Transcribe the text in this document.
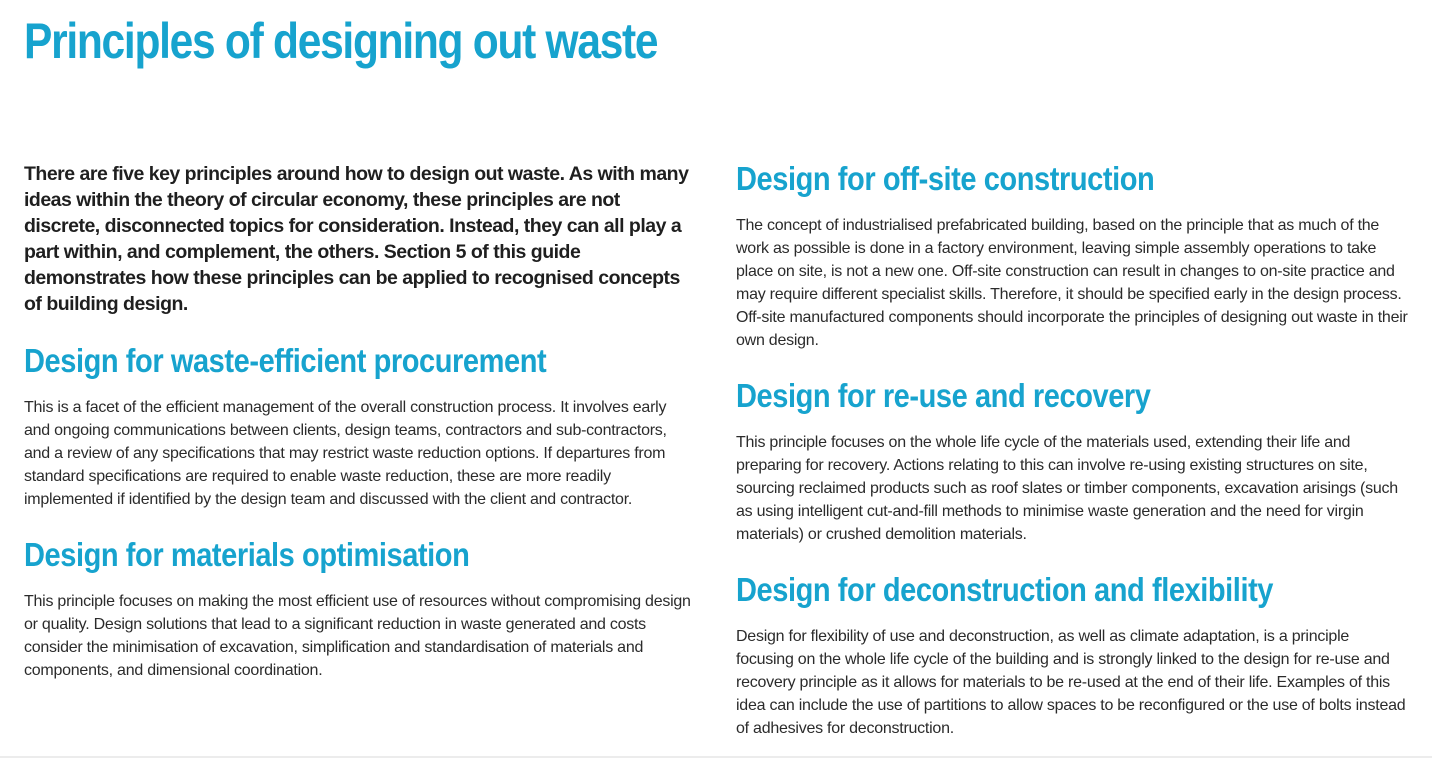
Principles of designing out waste

There are five key principles around how to design out waste. As with many ideas within the theory of circular economy, these principles are not discrete, disconnected topics for consideration. Instead, they can all play a part within, and complement, the others. Section 5 of this guide demonstrates how these principles can be applied to recognised concepts of building design.

Design for waste-efficient procurement

This is a facet of the efficient management of the overall construction process. It involves early and ongoing communications between clients, design teams, contractors and sub-contractors, and a review of any specifications that may restrict waste reduction options. If departures from standard specifications are required to enable waste reduction, these are more readily implemented if identified by the design team and discussed with the client and contractor.

Design for materials optimisation

This principle focuses on making the most efficient use of resources without compromising design or quality. Design solutions that lead to a significant reduction in waste generated and costs consider the minimisation of excavation, simplification and standardisation of materials and components, and dimensional coordination.

Design for off-site construction

The concept of industrialised prefabricated building, based on the principle that as much of the work as possible is done in a factory environment, leaving simple assembly operations to take place on site, is not a new one. Off-site construction can result in changes to on-site practice and may require different specialist skills. Therefore, it should be specified early in the design process. Off-site manufactured components should incorporate the principles of designing out waste in their own design.

Design for re-use and recovery

This principle focuses on the whole life cycle of the materials used, extending their life and preparing for recovery. Actions relating to this can involve re-using existing structures on site, sourcing reclaimed products such as roof slates or timber components, excavation arisings (such as using intelligent cut-and-fill methods to minimise waste generation and the need for virgin materials) or crushed demolition materials.

Design for deconstruction and flexibility

Design for flexibility of use and deconstruction, as well as climate adaptation, is a principle focusing on the whole life cycle of the building and is strongly linked to the design for re-use and recovery principle as it allows for materials to be re-used at the end of their life. Examples of this idea can include the use of partitions to allow spaces to be reconfigured or the use of bolts instead of adhesives for deconstruction.
